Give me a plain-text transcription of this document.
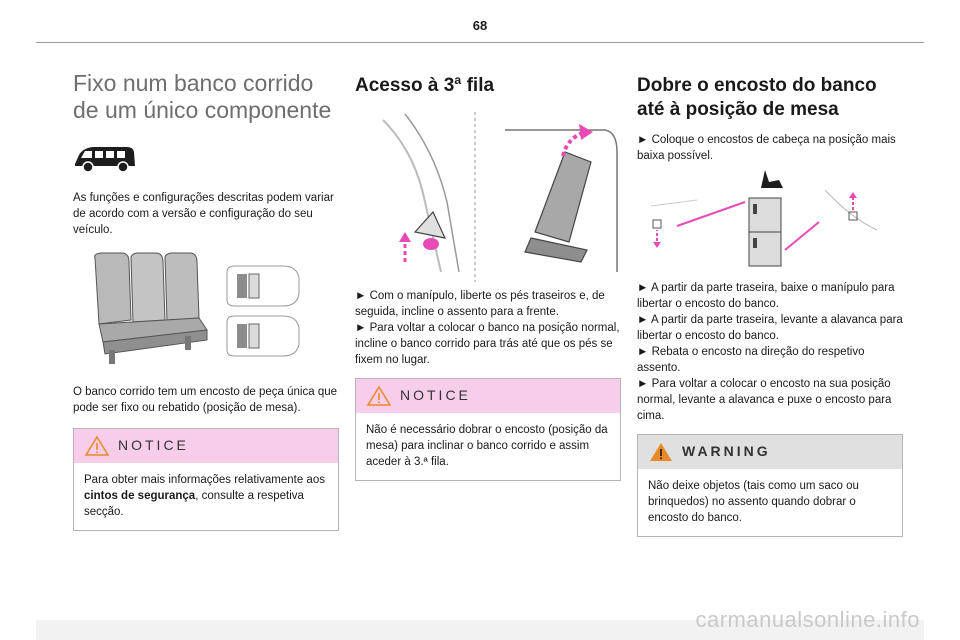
68
Fixo num banco corrido de um único componente

As funções e configurações descritas podem variar de acordo com a versão e configuração do seu veículo.

O banco corrido tem um encosto de peça única que pode ser fixo ou rebatido (posição de mesa).

NOTICE
Para obter mais informações relativamente aos cintos de segurança, consulte a respetiva secção.
Acesso à 3ª fila

► Com o manípulo, liberte os pés traseiros e, de seguida, incline o assento para a frente.

► Para voltar a colocar o banco na posição normal, incline o banco corrido para trás até que os pés se fixem no lugar.

NOTICE
Não é necessário dobrar o encosto (posição da mesa) para inclinar o banco corrido e assim aceder à 3.ª fila.
Dobre o encosto do banco até à posição de mesa

► Coloque o encostos de cabeça na posição mais baixa possível.

► A partir da parte traseira, baixe o manípulo para libertar o encosto do banco.

► A partir da parte traseira, levante a alavanca para libertar o encosto do banco.

► Rebata o encosto na direção do respetivo assento.

► Para voltar a colocar o encosto na sua posição normal, levante a alavanca e puxe o encosto para cima.

WARNING
Não deixe objetos (tais como um saco ou brinquedos) no assento quando dobrar o encosto do banco.
carmanualsonline.info
